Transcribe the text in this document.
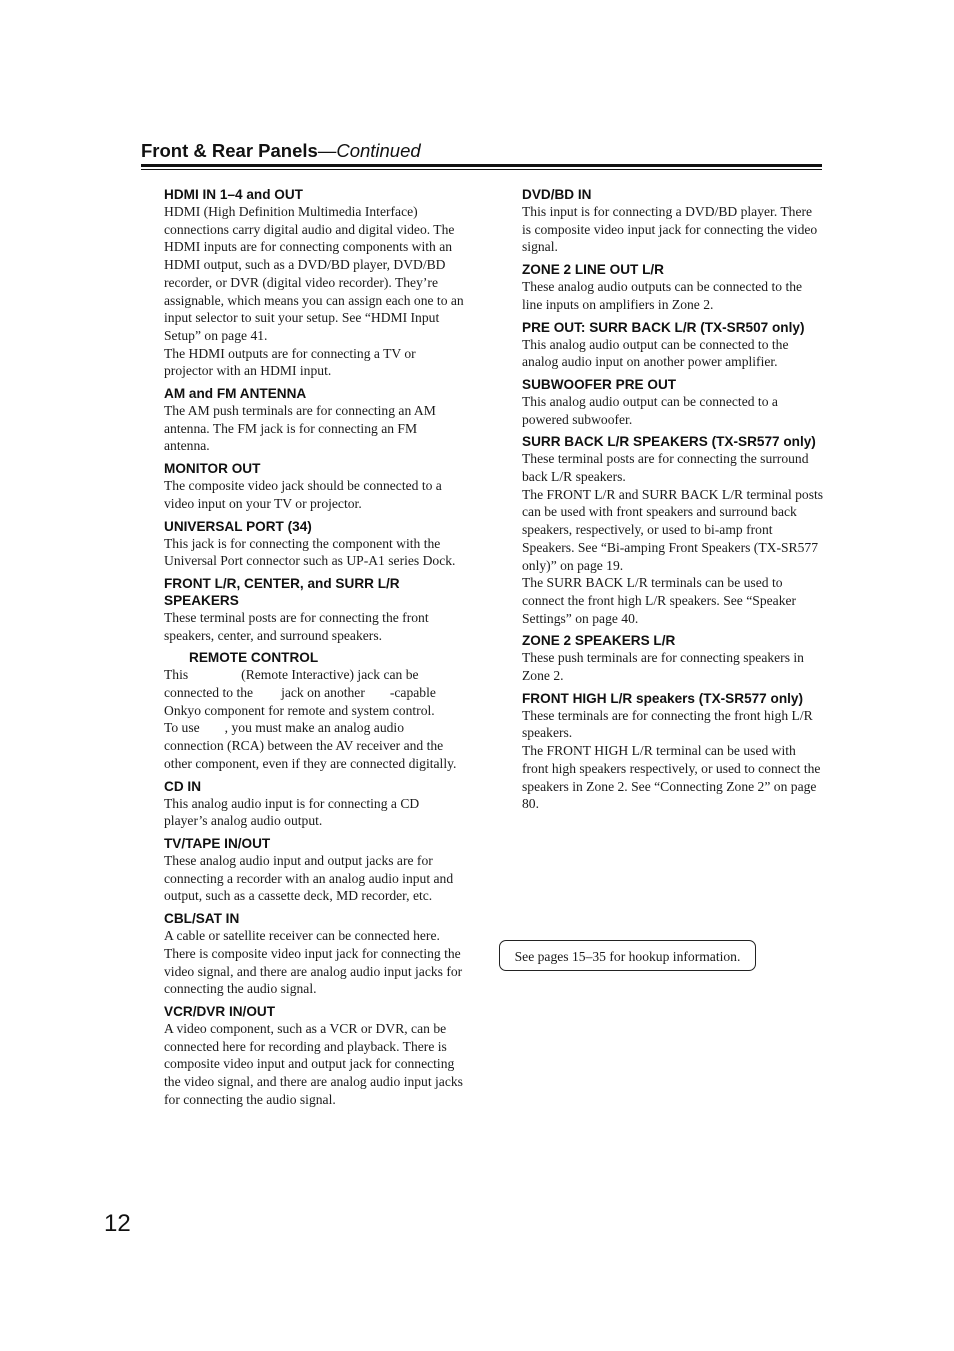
Front & Rear Panels—Continued

HDMI IN 1–4 and OUT

HDMI (High Definition Multimedia Interface) connections carry digital audio and digital video. The HDMI inputs are for connecting components with an HDMI output, such as a DVD/BD player, DVD/BD recorder, or DVR (digital video recorder). They’re assignable, which means you can assign each one to an input selector to suit your setup. See “HDMI Input Setup” on page 41.

The HDMI outputs are for connecting a TV or projector with an HDMI input.

AM and FM ANTENNA

The AM push terminals are for connecting an AM antenna. The FM jack is for connecting an FM antenna.

MONITOR OUT

The composite video jack should be connected to a video input on your TV or projector.

UNIVERSAL PORT (34)

This jack is for connecting the component with the Universal Port connector such as UP-A1 series Dock.

FRONT L/R, CENTER, and SURR L/R SPEAKERS

These terminal posts are for connecting the front speakers, center, and surround speakers.

REMOTE CONTROL

This	(Remote Interactive) jack can be
connected to the jack on another -capable
Onkyo component for remote and system control.
To use , you must make an analog audio
connection (RCA) between the AV receiver and the other component, even if they are connected digitally.

CD IN

This analog audio input is for connecting a CD player’s analog audio output.

TV/TAPE IN/OUT

These analog audio input and output jacks are for connecting a recorder with an analog audio input and output, such as a cassette deck, MD recorder, etc.

CBL/SAT IN

A cable or satellite receiver can be connected here. There is composite video input jack for connecting the video signal, and there are analog audio input jacks for connecting the audio signal.

VCR/DVR IN/OUT

A video component, such as a VCR or DVR, can be connected here for recording and playback. There is composite video input and output jack for connecting the video signal, and there are analog audio input jacks for connecting the audio signal.

DVD/BD IN

This input is for connecting a DVD/BD player. There is composite video input jack for connecting the video signal.

ZONE 2 LINE OUT L/R

These analog audio outputs can be connected to the line inputs on amplifiers in Zone 2.

PRE OUT: SURR BACK L/R (TX-SR507 only)

This analog audio output can be connected to the analog audio input on another power amplifier.

SUBWOOFER PRE OUT

This analog audio output can be connected to a powered subwoofer.

SURR BACK L/R SPEAKERS (TX-SR577 only)

These terminal posts are for connecting the surround back L/R speakers.

The FRONT L/R and SURR BACK L/R terminal posts can be used with front speakers and surround back speakers, respectively, or used to bi-amp front Speakers. See “Bi-amping Front Speakers (TX-SR577 only)” on page 19.

The SURR BACK L/R terminals can be used to connect the front high L/R speakers. See “Speaker Settings” on page 40.

ZONE 2 SPEAKERS L/R

These push terminals are for connecting speakers in Zone 2.

FRONT HIGH L/R speakers (TX-SR577 only)

These terminals are for connecting the front high L/R speakers.

The FRONT HIGH L/R terminal can be used with front high speakers respectively, or used to connect the speakers in Zone 2. See “Connecting Zone 2” on page 80.

See pages 15–35 for hookup information.
12
